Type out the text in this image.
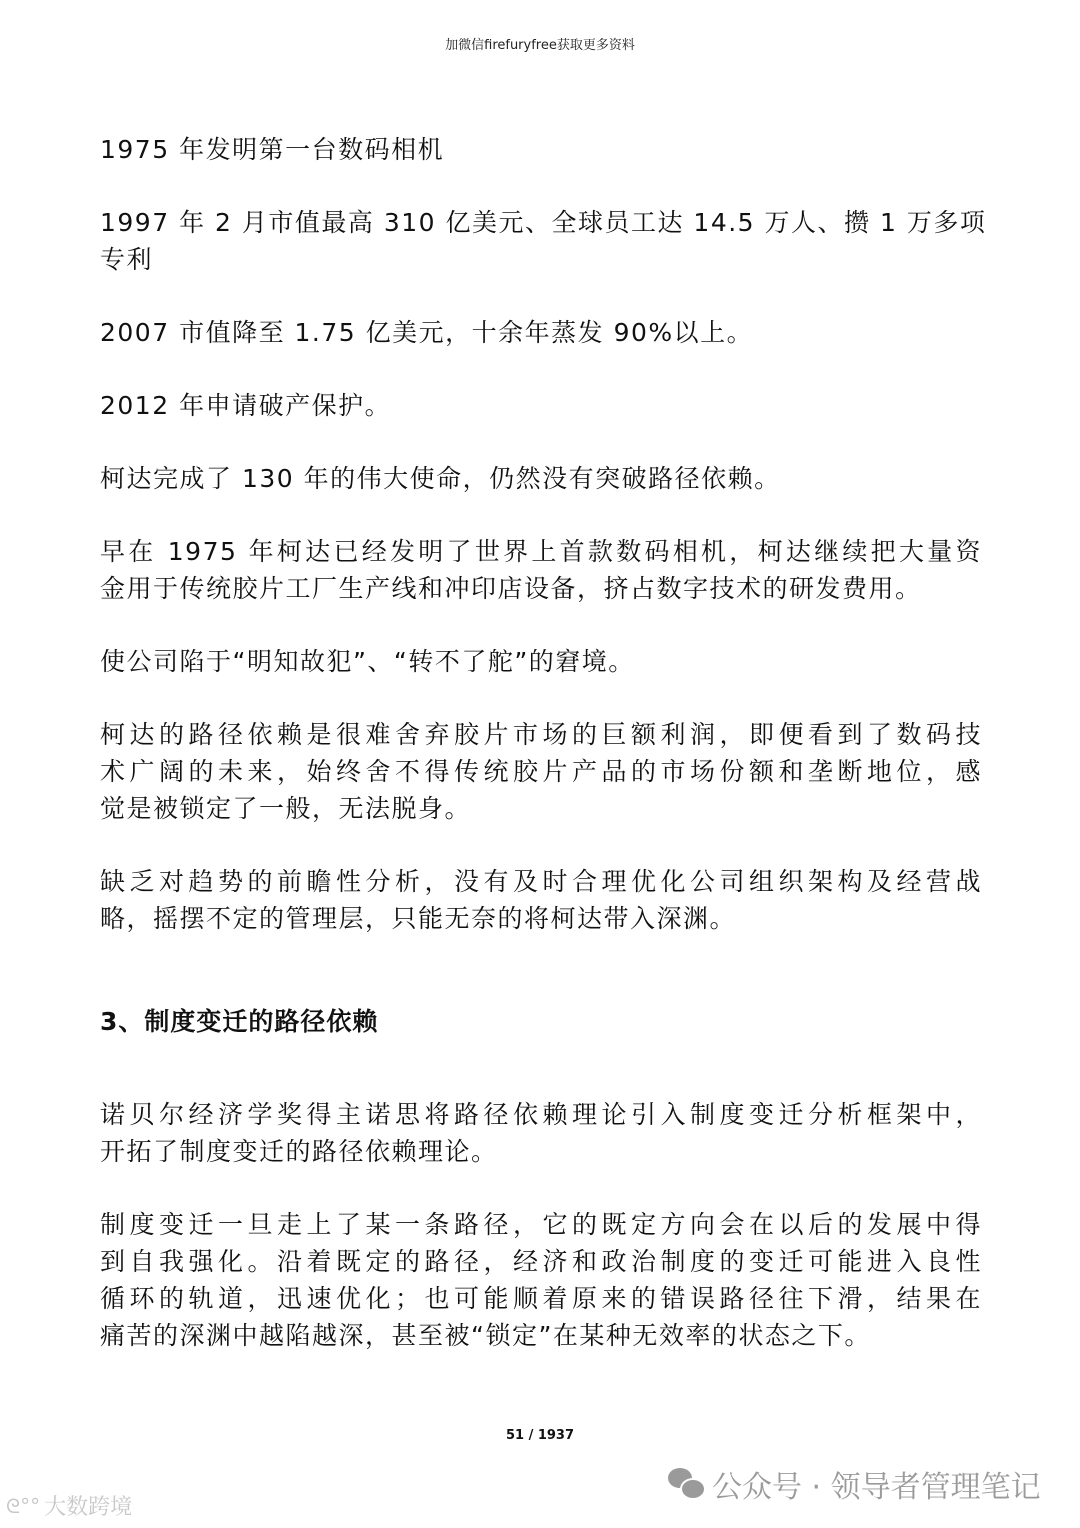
加微信firefuryfree获取更多资料
1975 年发明第一台数码相机
1997 年 2 月市值最高 310 亿美元、全球员工达 14.5 万人、攒 1 万多项
专利
2007 市值降至 1.75 亿美元，十余年蒸发 90%以上。
2012 年申请破产保护。
柯达完成了 130 年的伟大使命，仍然没有突破路径依赖。
早在 1975 年柯达已经发明了世界上首款数码相机，柯达继续把大量资
金用于传统胶片工厂生产线和冲印店设备，挤占数字技术的研发费用。
使公司陷于“明知故犯”、“转不了舵”的窘境。
柯达的路径依赖是很难舍弃胶片市场的巨额利润，即便看到了数码技
术广阔的未来，始终舍不得传统胶片产品的市场份额和垄断地位，感
觉是被锁定了一般，无法脱身。
缺乏对趋势的前瞻性分析，没有及时合理优化公司组织架构及经营战
略，摇摆不定的管理层，只能无奈的将柯达带入深渊。
3、制度变迁的路径依赖
诺贝尔经济学奖得主诺思将路径依赖理论引入制度变迁分析框架中，
开拓了制度变迁的路径依赖理论。
制度变迁一旦走上了某一条路径，它的既定方向会在以后的发展中得
到自我强化。沿着既定的路径，经济和政治制度的变迁可能进入良性
循环的轨道，迅速优化；也可能顺着原来的错误路径往下滑，结果在
痛苦的深渊中越陷越深，甚至被“锁定”在某种无效率的状态之下。
51 / 1937
公众号 · 领导者管理笔记
ᘓ°° 大数跨境
